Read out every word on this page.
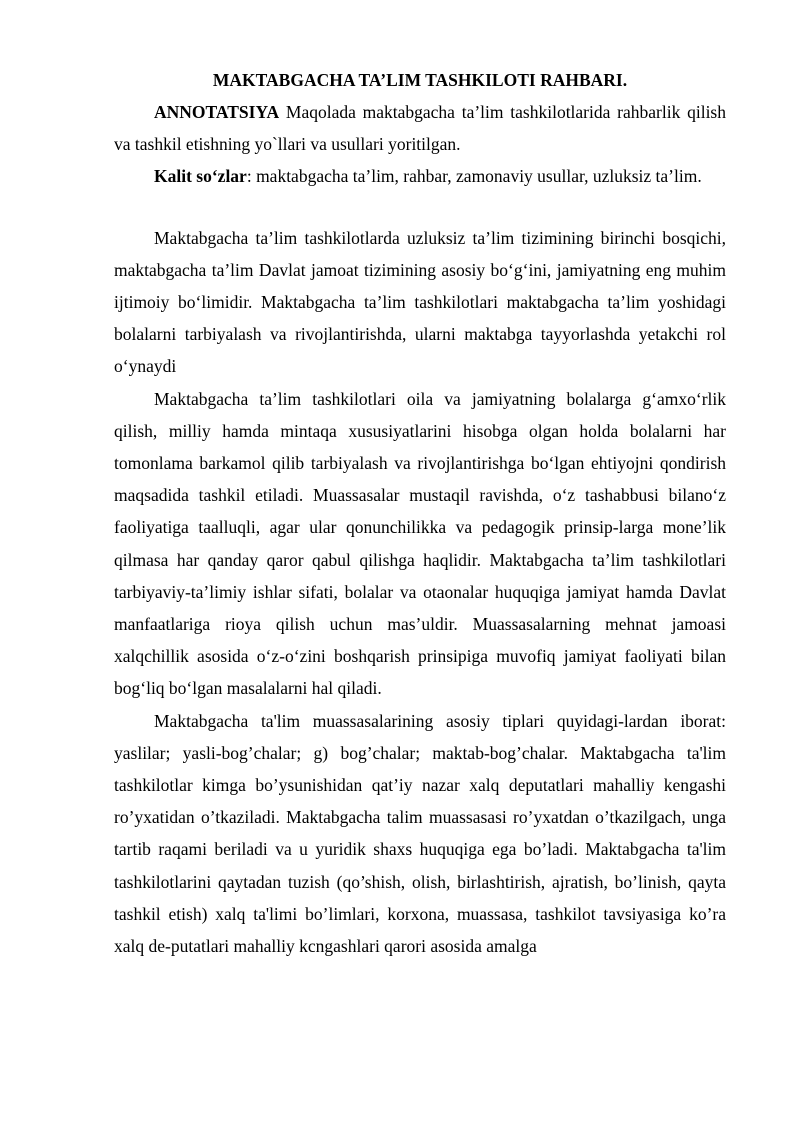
MAKTABGACHA TA’LIM TASHKILOTI RAHBARI.

ANNOTATSIYA Maqolada maktabgacha ta’lim tashkilotlarida rahbarlik qilish va tashkil etishning yo`llari va usullari yoritilgan.

Kalit so‘zlar: maktabgacha ta’lim, rahbar, zamonaviy usullar, uzluksiz ta’lim.

Maktabgacha ta’lim tashkilotlarda uzluksiz ta’lim tizimining birinchi bosqichi, maktabgacha ta’lim Davlat jamoat tizimining asosiy bo‘g‘ini, jamiyatning eng muhim ijtimoiy bo‘limidir. Maktabgacha ta’lim tashkilotlari maktabgacha ta’lim yoshidagi bolalarni tarbiyalash va rivojlantirishda, ularni maktabga tayyorlashda yetakchi rol o‘ynaydi

Maktabgacha ta’lim tashkilotlari oila va jamiyatning bolalarga g‘amxo‘rlik qilish, milliy hamda mintaqa xususiyatlarini hisobga olgan holda bolalarni har tomonlama barkamol qilib tarbiyalash va rivojlantirishga bo‘lgan ehtiyojni qondirish maqsadida tashkil etiladi. Muassasalar mustaqil ravishda, o‘z tashabbusi bilano‘z faoliyatiga taalluqli, agar ular qonunchilikka va pedagogik prinsip-larga mone’lik qilmasa har qanday qaror qabul qilishga haqlidir. Maktabgacha ta’lim tashkilotlari tarbiyaviy-ta’limiy ishlar sifati, bolalar va otaonalar huquqiga jamiyat hamda Davlat manfaatlariga rioya qilish uchun mas’uldir. Muassasalarning mehnat jamoasi xalqchillik asosida o‘z-o‘zini boshqarish prinsipiga muvofiq jamiyat faoliyati bilan bog‘liq bo‘lgan masalalarni hal qiladi.

Maktabgacha ta'lim muassasalarining asosiy tiplari quyidagi-lardan iborat: yaslilar; yasli-bog’chalar; g) bog’chalar; maktab-bog’chalar. Maktabgacha ta'lim tashkilotlar kimga bo’ysunishidan qat’iy nazar xalq deputatlari mahalliy kengashi ro’yxatidan o’tkaziladi. Maktabgacha talim muassasasi ro’yxatdan o’tkazilgach, unga tartib raqami beriladi va u yuridik shaxs huquqiga ega bo’ladi. Maktabgacha ta'lim tashkilotlarini qaytadan tuzish (qo’shish, olish, birlashtirish, ajratish, bo’linish, qayta tashkil etish) xalq ta'limi bo’limlari, korxona, muassasa, tashkilot tavsiyasiga ko’ra xalq de-putatlari mahalliy kcngashlari qarori asosida amalga
